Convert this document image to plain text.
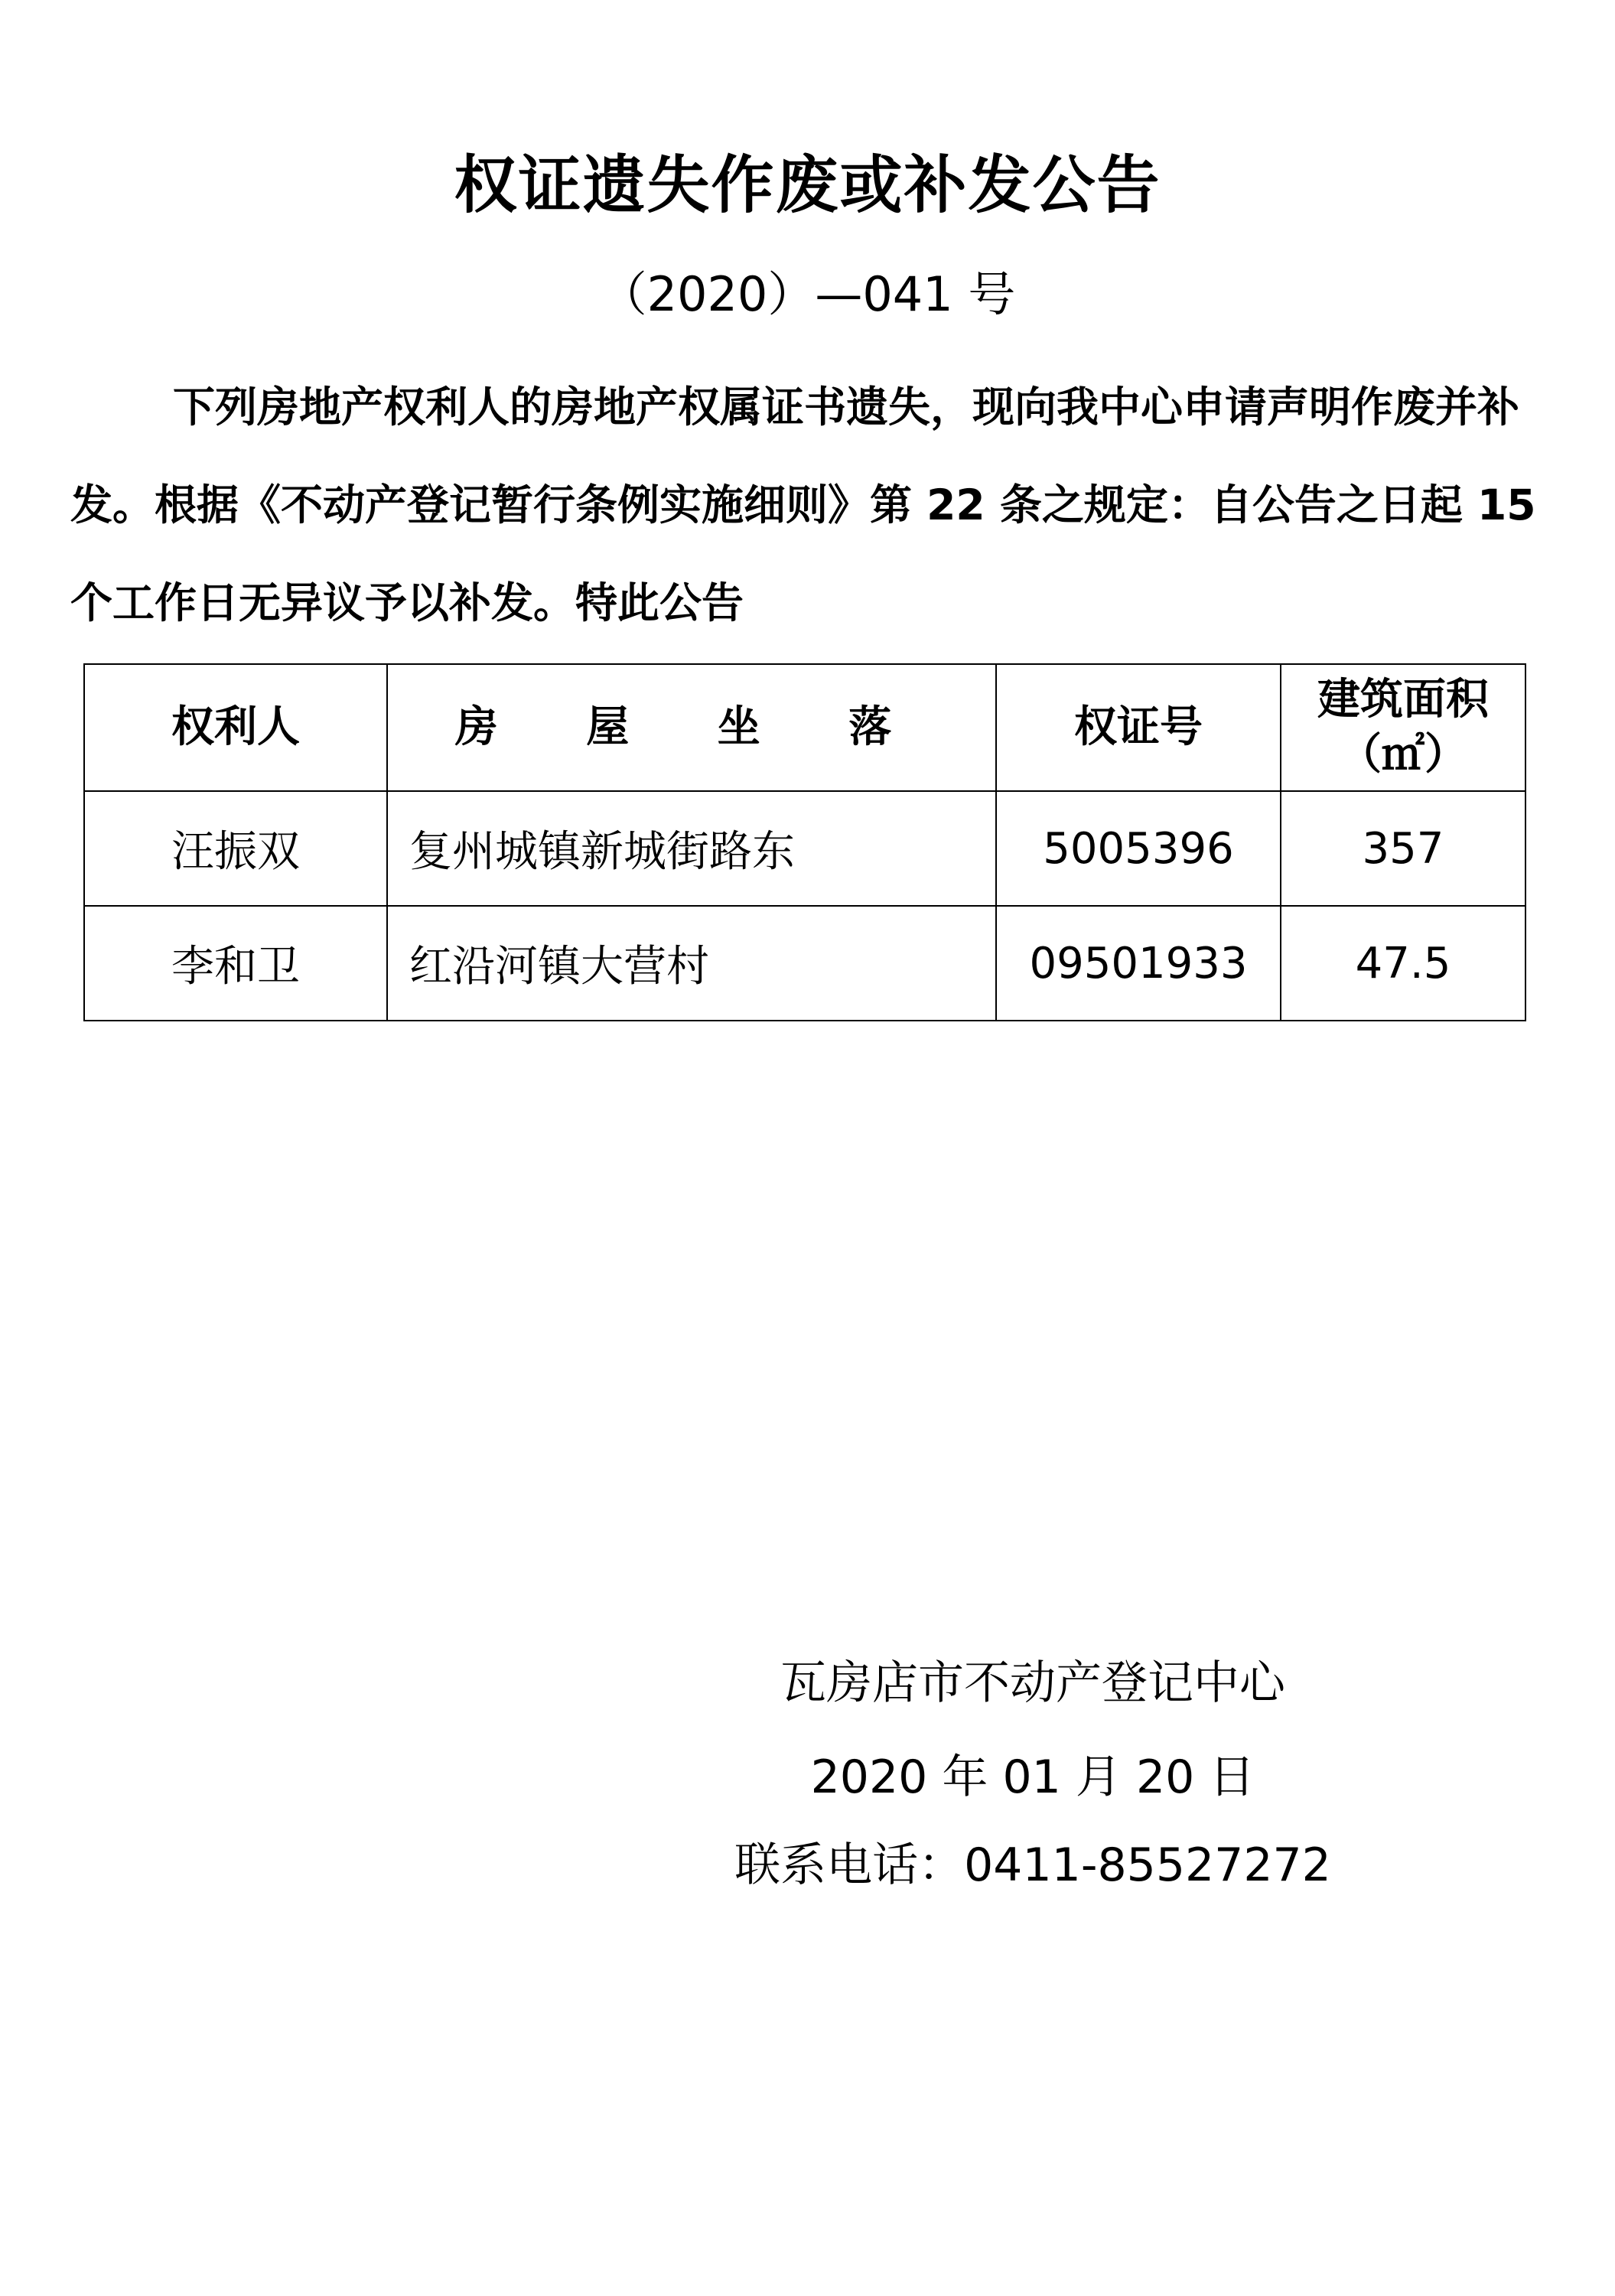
权证遗失作废或补发公告
（2020）—041 号

下列房地产权利人的房地产权属证书遗失，现向我中心申请声明作废并补发。根据《不动产登记暂行条例实施细则》第 22 条之规定：自公告之日起 15 个工作日无异议予以补发。特此公告

权利人	房 屋 坐 落	权证号	建筑面积
（㎡）
汪振双	复州城镇新城街路东	5005396	357
李和卫	红沿河镇大营村	09501933	47.5
瓦房店市不动产登记中心
2020 年 01 月 20 日
联系电话：0411-85527272
